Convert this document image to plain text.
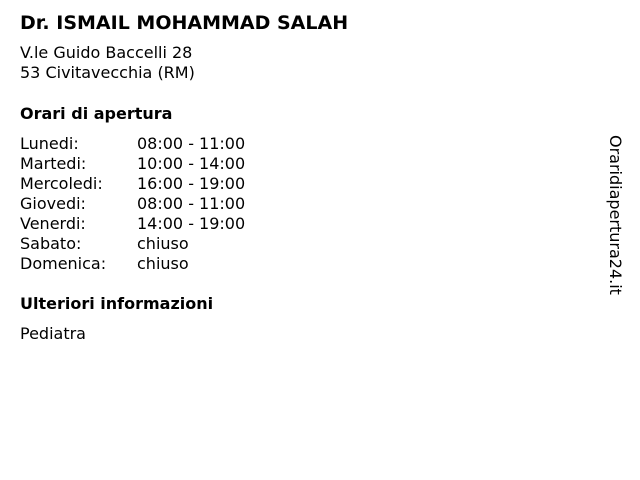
Dr. ISMAIL MOHAMMAD SALAH
V.le Guido Baccelli 28
53 Civitavecchia (RM)
Orari di apertura
Lunedi:	08:00 - 11:00
Martedi:	10:00 - 14:00
Mercoledi:	16:00 - 19:00
Giovedi:	08:00 - 11:00
Venerdi:	14:00 - 19:00
Sabato:	chiuso
Domenica:	chiuso
Ulteriori informazioni
Pediatra
Oraridiapertura24.it
